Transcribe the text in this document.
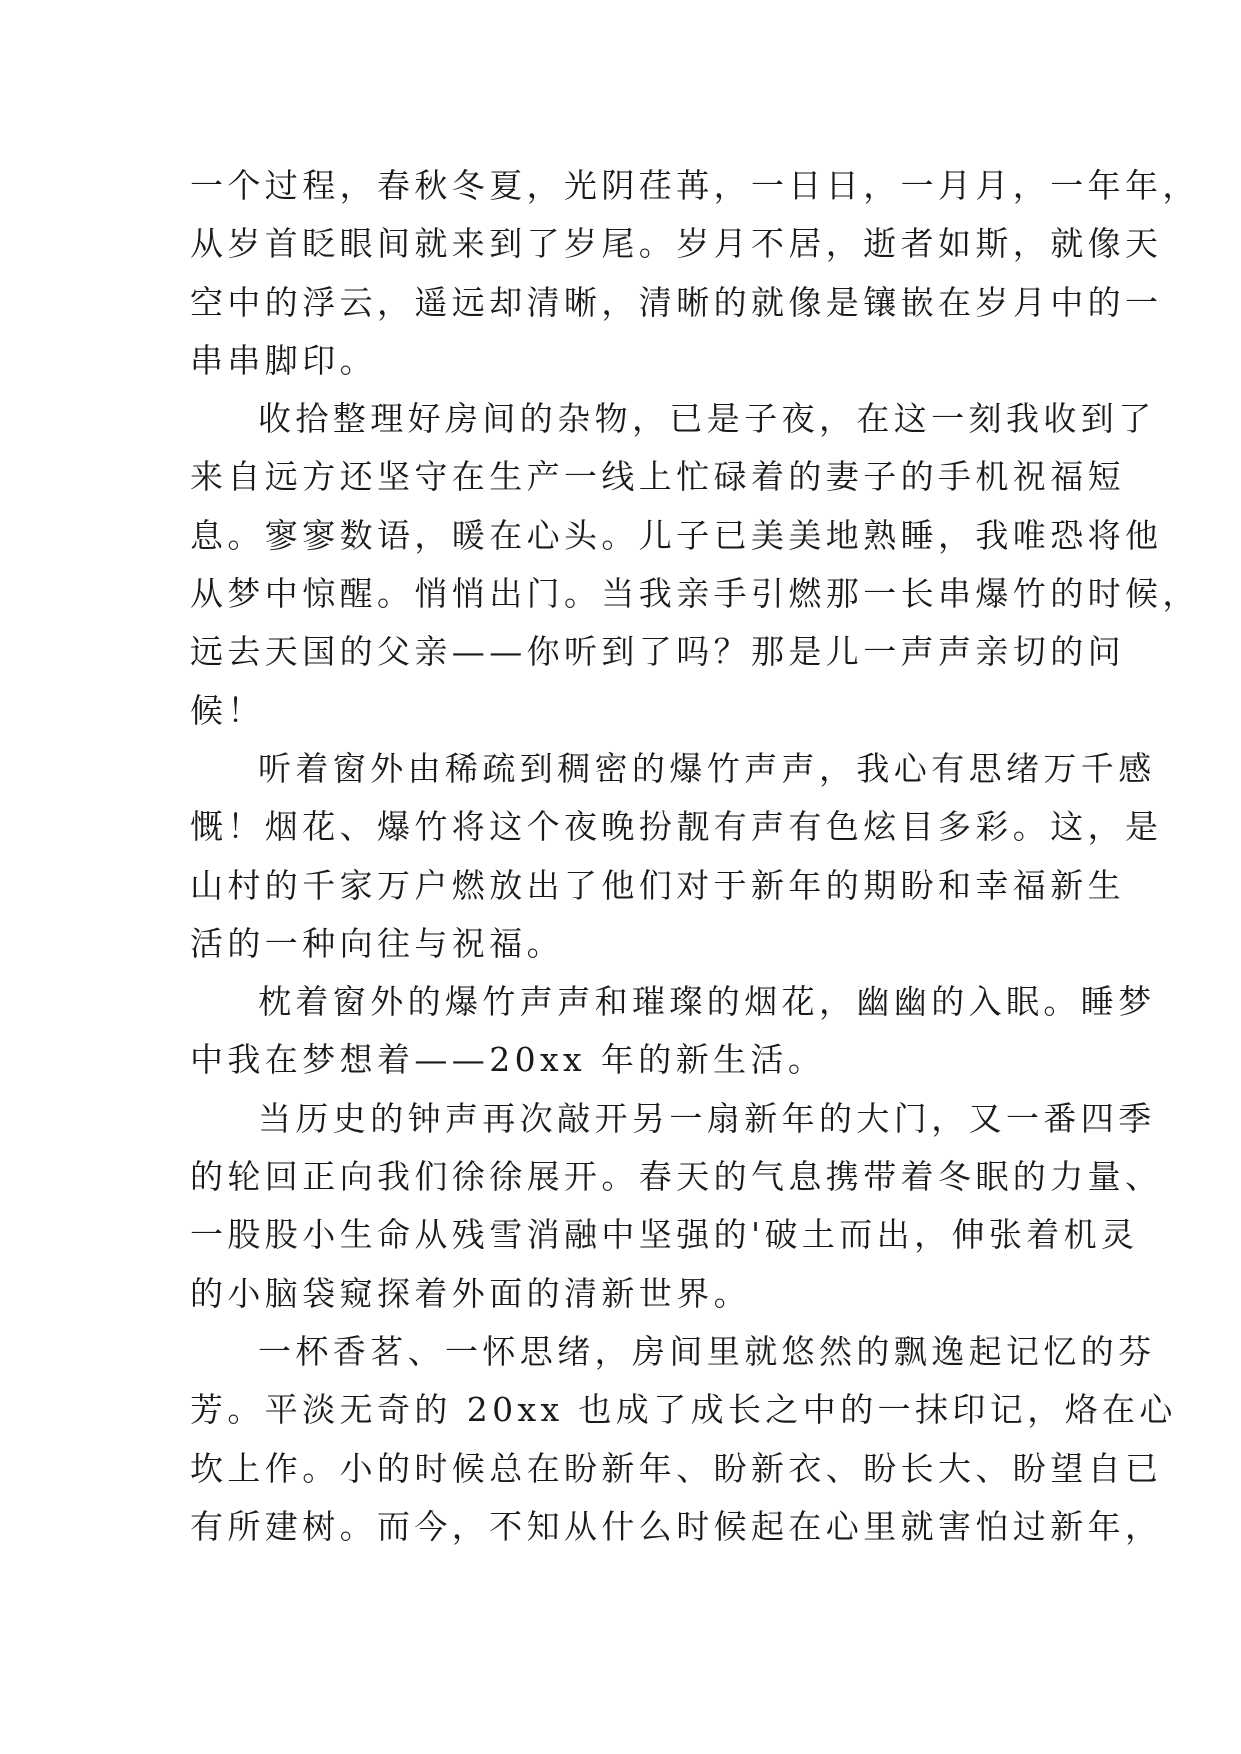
一个过程，春秋冬夏，光阴荏苒，一日日，一月月，一年年，
从岁首眨眼间就来到了岁尾。岁月不居，逝者如斯，就像天
空中的浮云，遥远却清晰，清晰的就像是镶嵌在岁月中的一
串串脚印。
收拾整理好房间的杂物，已是子夜，在这一刻我收到了
来自远方还坚守在生产一线上忙碌着的妻子的手机祝福短
息。寥寥数语，暖在心头。儿子已美美地熟睡，我唯恐将他
从梦中惊醒。悄悄出门。当我亲手引燃那一长串爆竹的时候，
远去天国的父亲——你听到了吗？那是儿一声声亲切的问
候！
听着窗外由稀疏到稠密的爆竹声声，我心有思绪万千感
慨！烟花、爆竹将这个夜晚扮靓有声有色炫目多彩。这，是
山村的千家万户燃放出了他们对于新年的期盼和幸福新生
活的一种向往与祝福。
枕着窗外的爆竹声声和璀璨的烟花，幽幽的入眠。睡梦
中我在梦想着——20xx 年的新生活。
当历史的钟声再次敲开另一扇新年的大门，又一番四季
的轮回正向我们徐徐展开。春天的气息携带着冬眠的力量、
一股股小生命从残雪消融中坚强的'破土而出，伸张着机灵
的小脑袋窥探着外面的清新世界。
一杯香茗、一怀思绪，房间里就悠然的飘逸起记忆的芬
芳。平淡无奇的 20xx 也成了成长之中的一抹印记，烙在心
坎上作。小的时候总在盼新年、盼新衣、盼长大、盼望自已
有所建树。而今，不知从什么时候起在心里就害怕过新年，
